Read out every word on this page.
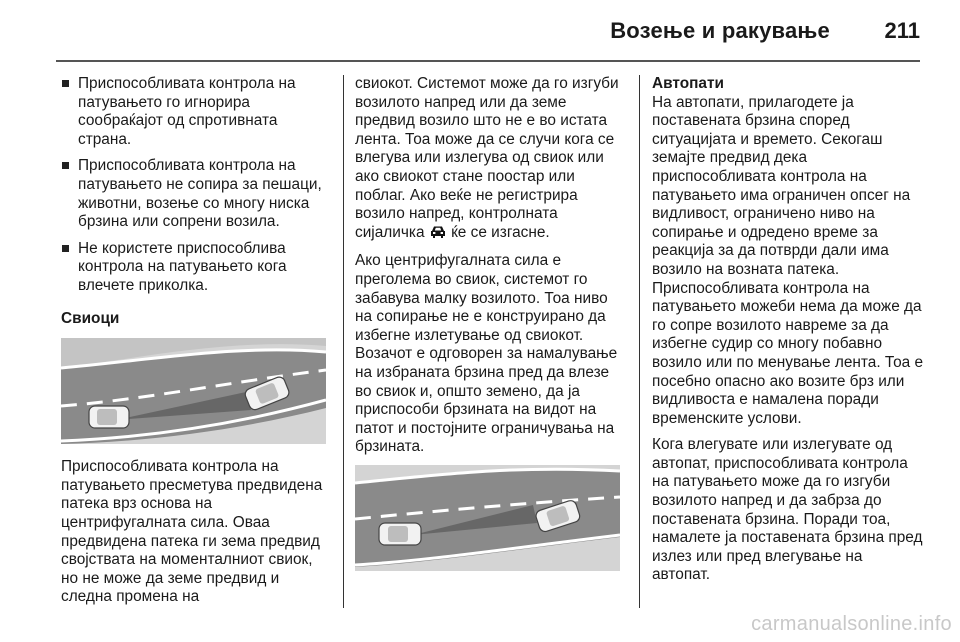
Возење и ракување 211
Приспособливата контрола на патувањето го игнорира сообраќајот од спротивната страна.
Приспособливата контрола на патувањето не сопира за пешаци, животни, возење со многу ниска брзина или сопрени возила.
Не користете приспособлива контрола на патувањето кога влечете приколка.
Свиоци

Приспособливата контрола на патувањето пресметува предвидена патека врз основа на центрифугалната сила. Оваа предвидена патека ги зема предвид својствата на моменталниот свиок, но не може да земе предвид и следна промена на

свиокот. Системот може да го изгуби возилото напред или да земе предвид возило што не е во истата лента. Тоа може да се случи кога се влегува или излегува од свиок или ако свиокот стане поостар или поблаг. Ако веќе не регистрира возило напред, контролната сијаличка ќе се изгасне.

Ако центрифугалната сила е преголема во свиок, системот го забавува малку возилото. Тоа ниво на сопирање не е конструирано да избегне излетување од свиокот. Возачот е одговорен за намалување на избраната брзина пред да влезе во свиок и, општо земено, да ја приспособи брзината на видот на патот и постојните ограничувања на брзината.

Автопати

На автопати, прилагодете ја поставената брзина според ситуацијата и времето. Секогаш земајте предвид дека приспособливата контрола на патувањето има ограничен опсег на видливост, ограничено ниво на сопирање и одредено време за реакција за да потврди дали има возило на возната патека. Приспособливата контрола на патувањето можеби нема да може да го сопре возилото навреме за да избегне судир со многу побавно возило или по менување лента. Тоа е посебно опасно ако возите брз или видливоста е намалена поради временските услови.

Кога влегувате или излегувате од автопат, приспособливата контрола на патувањето може да го изгуби возилото напред и да забрза до поставената брзина. Поради тоа, намалете ја поставената брзина пред излез или пред влегување на автопат.

carmanualsonline.info
